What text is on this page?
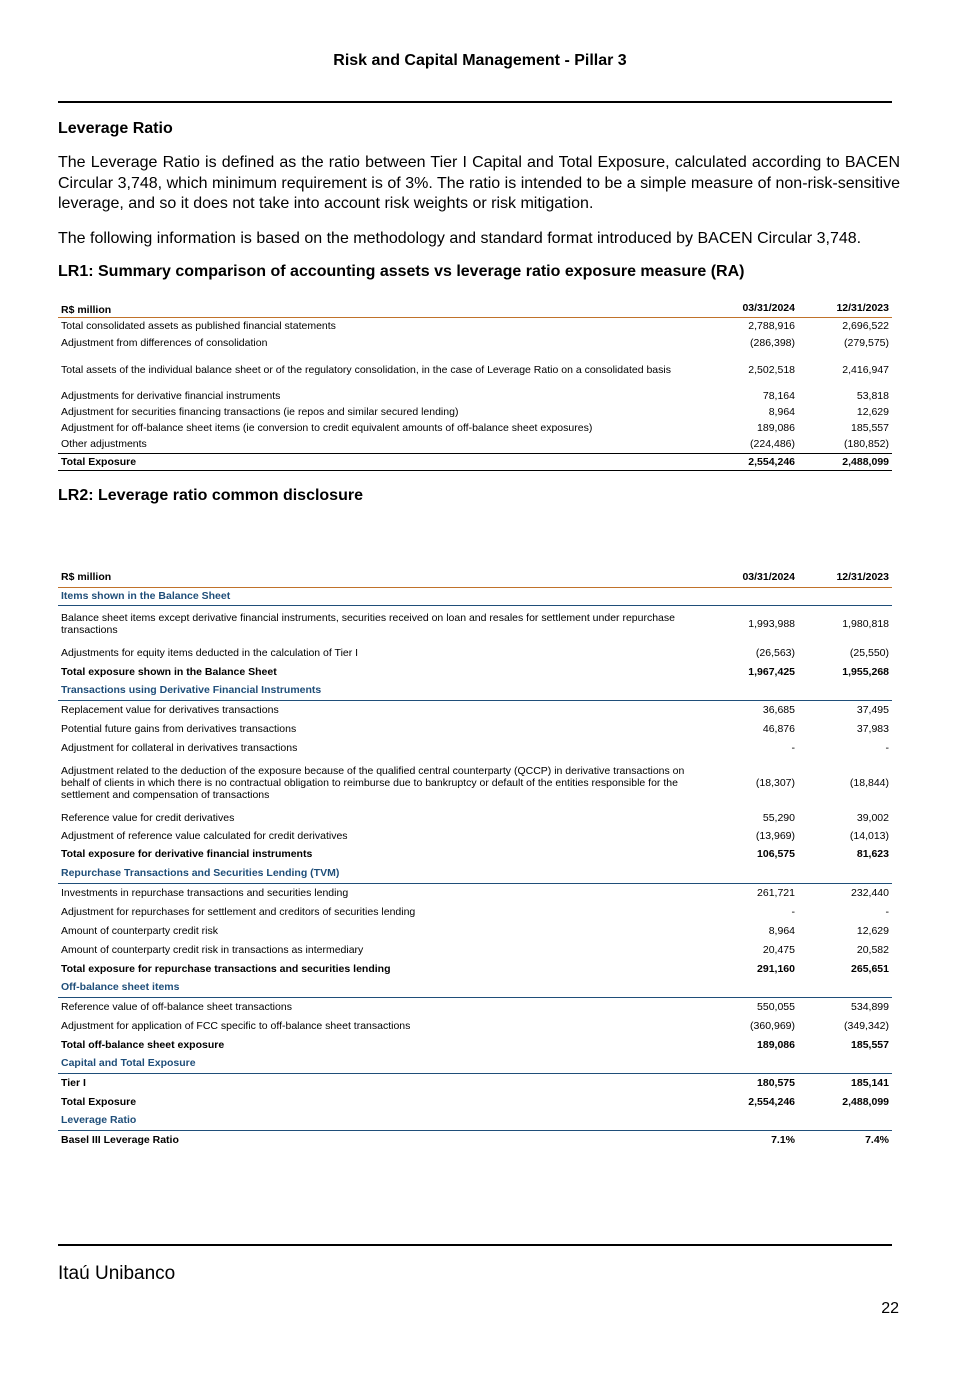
Risk and Capital Management - Pillar 3
Leverage Ratio
The Leverage Ratio is defined as the ratio between Tier I Capital and Total Exposure, calculated according to BACEN Circular 3,748, which minimum requirement is of 3%. The ratio is intended to be a simple measure of non-risk-sensitive leverage, and so it does not take into account risk weights or risk mitigation.
The following information is based on the methodology and standard format introduced by BACEN Circular 3,748.
LR1: Summary comparison of accounting assets vs leverage ratio exposure measure (RA)
R$ million	03/31/2024	12/31/2023
Total consolidated assets as published financial statements	2,788,916	2,696,522
Adjustment from differences of consolidation	(286,398)	(279,575)
Total assets of the individual balance sheet or of the regulatory consolidation, in the case of Leverage Ratio on a consolidated basis	2,502,518	2,416,947
Adjustments for derivative financial instruments	78,164	53,818
Adjustment for securities financing transactions (ie repos and similar secured lending)	8,964	12,629
Adjustment for off-balance sheet items (ie conversion to credit equivalent amounts of off-balance sheet exposures)	189,086	185,557
Other adjustments	(224,486)	(180,852)
Total Exposure	2,554,246	2,488,099
LR2: Leverage ratio common disclosure
R$ million	03/31/2024	12/31/2023
Items shown in the Balance Sheet		
Balance sheet items except derivative financial instruments, securities received on loan and resales for settlement under repurchase transactions	1,993,988	1,980,818
Adjustments for equity items deducted in the calculation of Tier I	(26,563)	(25,550)
Total exposure shown in the Balance Sheet	1,967,425	1,955,268
Transactions using Derivative Financial Instruments		
Replacement value for derivatives transactions	36,685	37,495
Potential future gains from derivatives transactions	46,876	37,983
Adjustment for collateral in derivatives transactions	-	-
Adjustment related to the deduction of the exposure because of the qualified central counterparty (QCCP) in derivative transactions on behalf of clients in which there is no contractual obligation to reimburse due to bankruptcy or default of the entities responsible for the settlement and compensation of transactions	(18,307)	(18,844)
Reference value for credit derivatives	55,290	39,002
Adjustment of reference value calculated for credit derivatives	(13,969)	(14,013)
Total exposure for derivative financial instruments	106,575	81,623
Repurchase Transactions and Securities Lending (TVM)		
Investments in repurchase transactions and securities lending	261,721	232,440
Adjustment for repurchases for settlement and creditors of securities lending	-	-
Amount of counterparty credit risk	8,964	12,629
Amount of counterparty credit risk in transactions as intermediary	20,475	20,582
Total exposure for repurchase transactions and securities lending	291,160	265,651
Off-balance sheet items		
Reference value of off-balance sheet transactions	550,055	534,899
Adjustment for application of FCC specific to off-balance sheet transactions	(360,969)	(349,342)
Total off-balance sheet exposure	189,086	185,557
Capital and Total Exposure		
Tier I	180,575	185,141
Total Exposure	2,554,246	2,488,099
Leverage Ratio		
Basel III Leverage Ratio	7.1%	7.4%
Itaú Unibanco
22
